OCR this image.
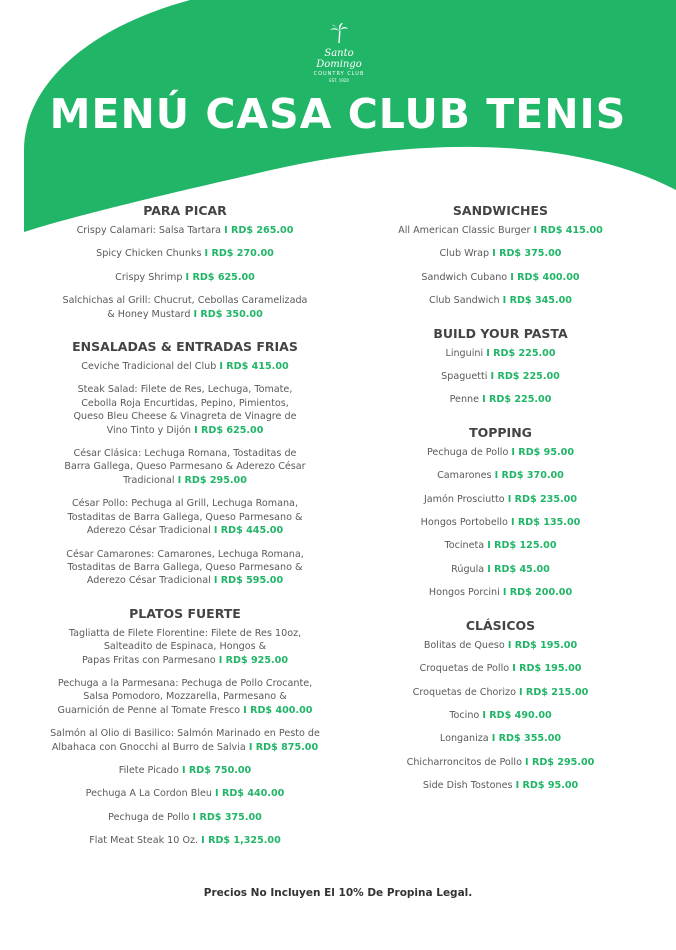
Santo Domingo
COUNTRY CLUB
EST. 1920
MENÚ CASA CLUB TENIS
PARA PICAR
Crispy Calamari: Salsa Tartara I RD$ 265.00
Spicy Chicken Chunks I RD$ 270.00
Crispy Shrimp I RD$ 625.00
Salchichas al Grill: Chucrut, Cebollas Caramelizada
& Honey Mustard I RD$ 350.00
ENSALADAS & ENTRADAS FRIAS
Ceviche Tradicional del Club I RD$ 415.00
Steak Salad: Filete de Res, Lechuga, Tomate,
Cebolla Roja Encurtidas, Pepino, Pimientos,
Queso Bleu Cheese & Vinagreta de Vinagre de
Vino Tinto y Dijón I RD$ 625.00
César Clásica: Lechuga Romana, Tostaditas de
Barra Gallega, Queso Parmesano & Aderezo César
Tradicional I RD$ 295.00
César Pollo: Pechuga al Grill, Lechuga Romana,
Tostaditas de Barra Gallega, Queso Parmesano &
Aderezo César Tradicional I RD$ 445.00
César Camarones: Camarones, Lechuga Romana,
Tostaditas de Barra Gallega, Queso Parmesano &
Aderezo César Tradicional I RD$ 595.00
PLATOS FUERTE
Tagliatta de Filete Florentine: Filete de Res 10oz,
Salteadito de Espinaca, Hongos &
Papas Fritas con Parmesano I RD$ 925.00
Pechuga a la Parmesana: Pechuga de Pollo Crocante,
Salsa Pomodoro, Mozzarella, Parmesano &
Guarnición de Penne al Tomate Fresco I RD$ 400.00
Salmón al Olio di Basilico: Salmón Marinado en Pesto de
Albahaca con Gnocchi al Burro de Salvia I RD$ 875.00
Filete Picado I RD$ 750.00
Pechuga A La Cordon Bleu I RD$ 440.00
Pechuga de Pollo I RD$ 375.00
Flat Meat Steak 10 Oz. I RD$ 1,325.00
SANDWICHES
All American Classic Burger I RD$ 415.00
Club Wrap I RD$ 375.00
Sandwich Cubano I RD$ 400.00
Club Sandwich I RD$ 345.00
BUILD YOUR PASTA
Linguini I RD$ 225.00
Spaguetti I RD$ 225.00
Penne I RD$ 225.00
TOPPING
Pechuga de Pollo I RD$ 95.00
Camarones I RD$ 370.00
Jamón Prosciutto I RD$ 235.00
Hongos Portobello I RD$ 135.00
Tocineta I RD$ 125.00
Rúgula I RD$ 45.00
Hongos Porcini I RD$ 200.00
CLÁSICOS
Bolitas de Queso I RD$ 195.00
Croquetas de Pollo I RD$ 195.00
Croquetas de Chorizo I RD$ 215.00
Tocino I RD$ 490.00
Longaniza I RD$ 355.00
Chicharroncitos de Pollo I RD$ 295.00
Side Dish Tostones I RD$ 95.00
Precios No Incluyen El 10% De Propina Legal.
